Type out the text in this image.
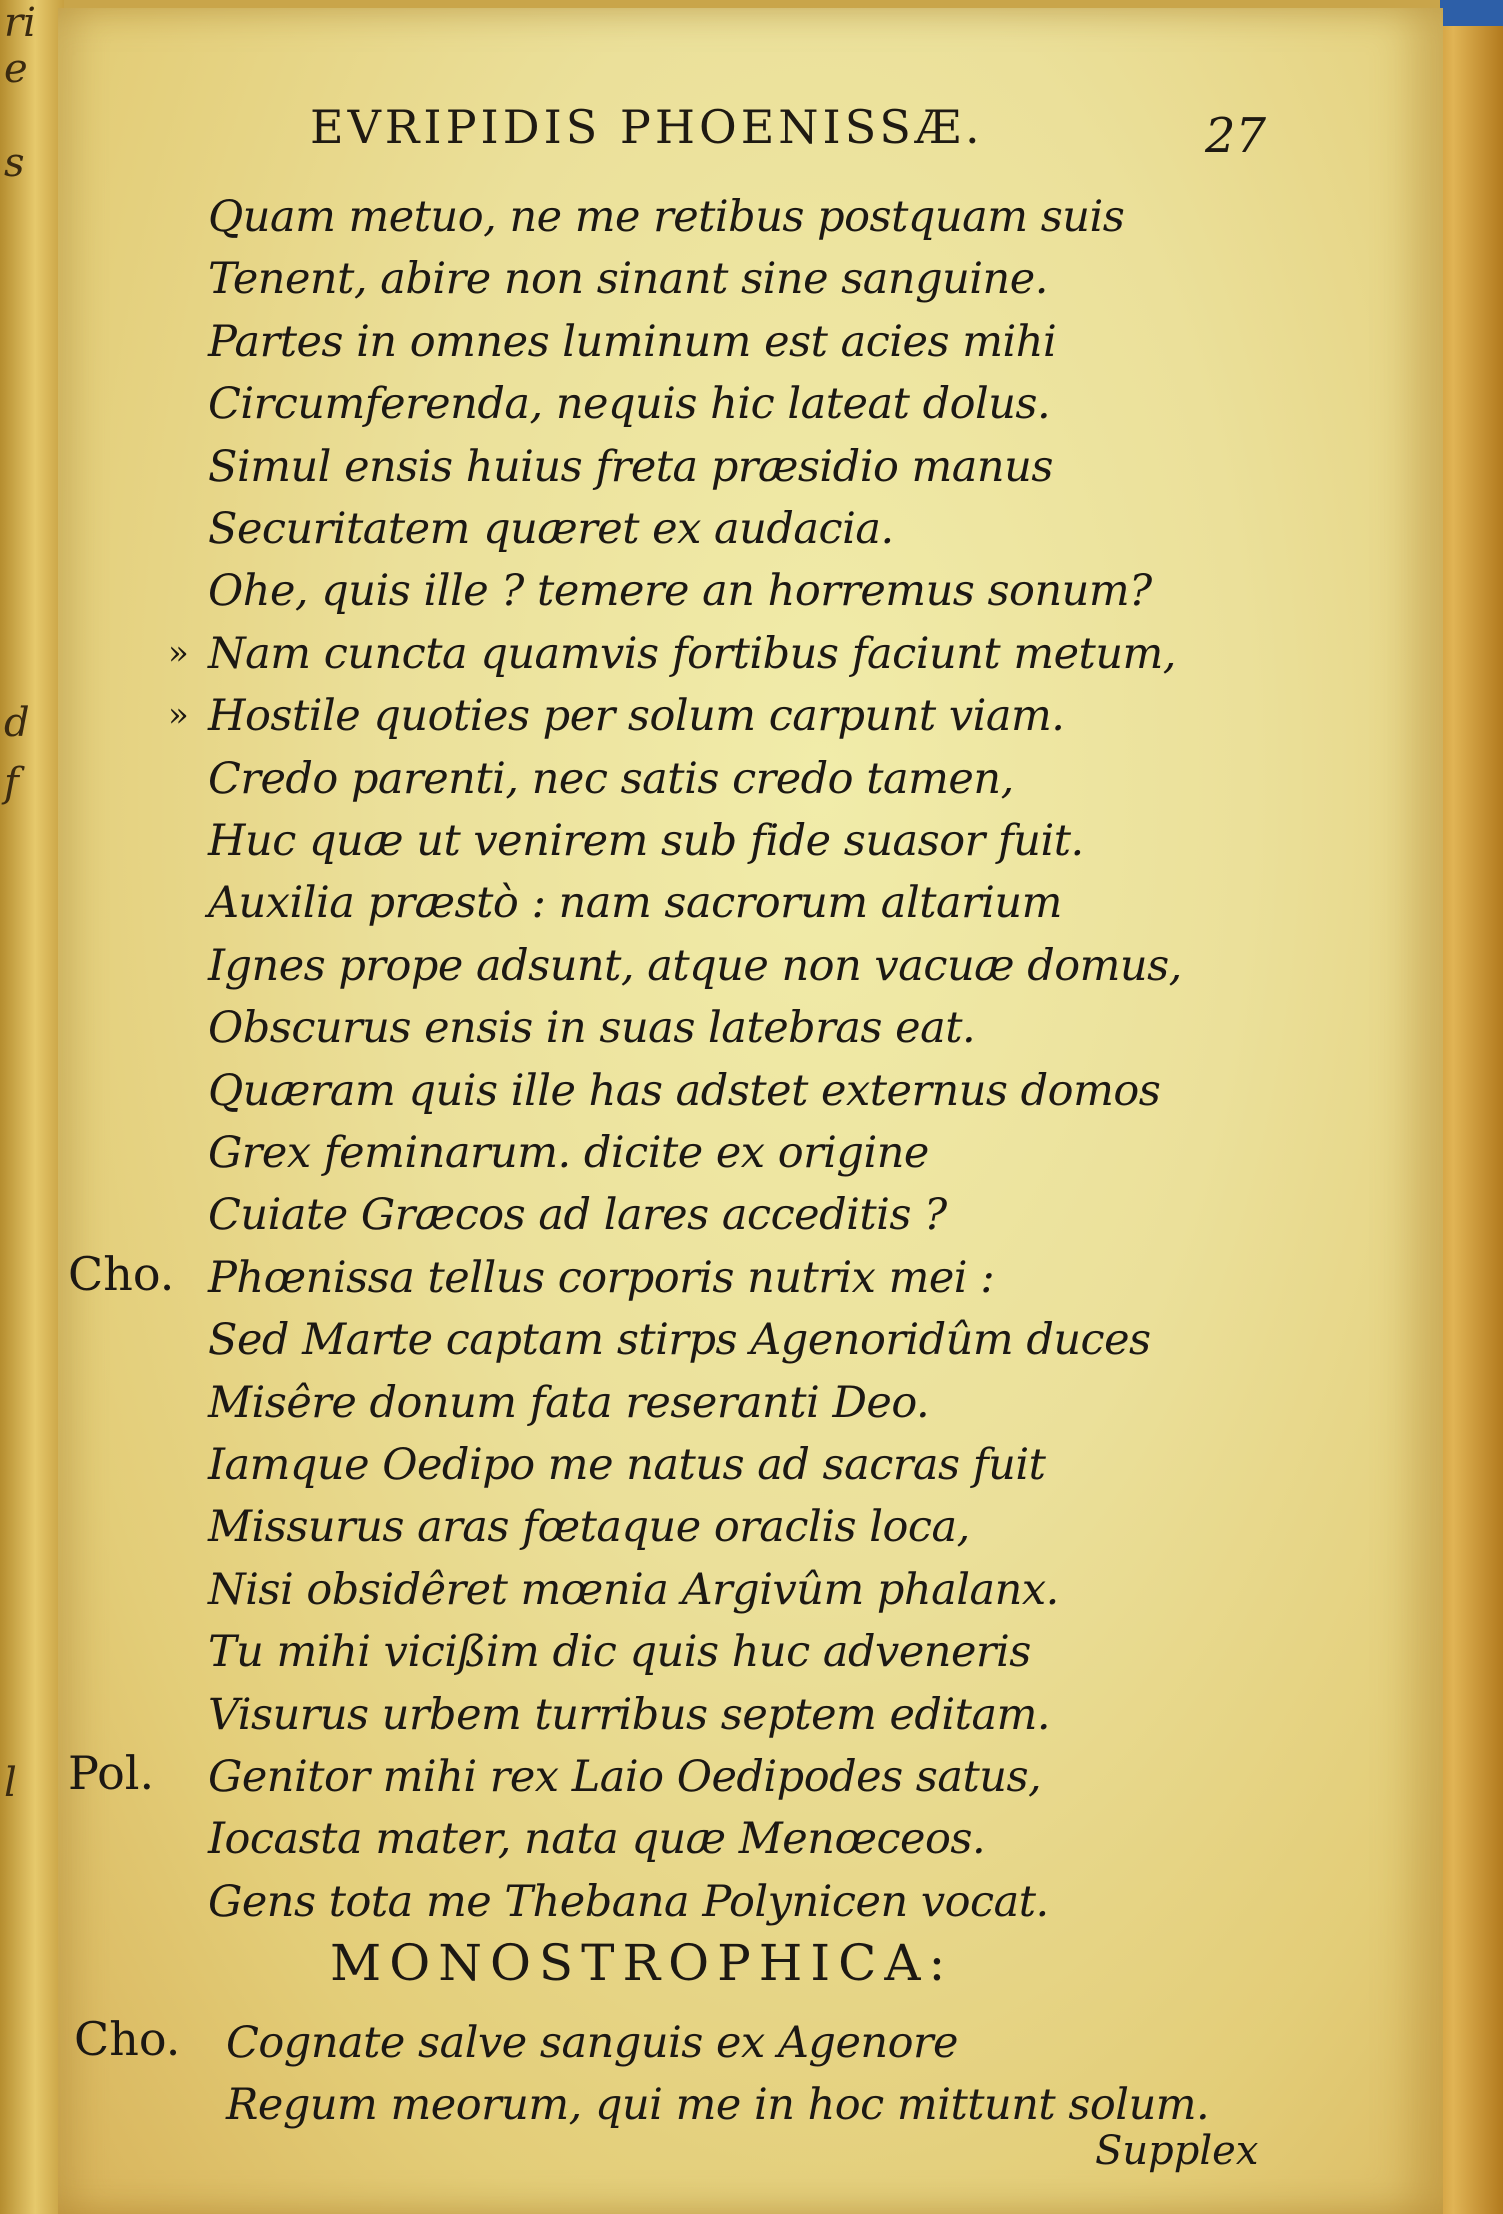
ri e
s
d
f
l
EVRIPIDIS PHOENISSÆ.	27
Quam metuo, ne me retibus postquam suis
Tenent, abire non sinant sine sanguine.
Partes in omnes luminum est acies mihi
Circumferenda, nequis hic lateat dolus.
Simul ensis huius freta præsidio manus
Securitatem quæret ex audacia.
Ohe, quis ille ? temere an horremus sonum?
Nam cuncta quamvis fortibus faciunt metum,
»
Hostile quoties per solum carpunt viam.
»
Credo parenti, nec satis credo tamen,
Huc quæ ut venirem sub fide suasor fuit.
Auxilia præstò : nam sacrorum altarium
Ignes prope adsunt, atque non vacuæ domus,
Obscurus ensis in suas latebras eat.
Quæram quis ille has adstet externus domos
Grex feminarum. dicite ex origine
Cuiate Græcos ad lares acceditis ?
Phœnissa tellus corporis nutrix mei :
Cho.
Sed Marte captam stirps Agenoridûm duces
Misêre donum fata reseranti Deo.
Iamque Oedipo me natus ad sacras fuit
Missurus aras fœtaque oraclis loca,
Nisi obsidêret mœnia Argivûm phalanx.
Tu mihi vicißim dic quis huc adveneris
Visurus urbem turribus septem editam.
Genitor mihi rex Laio Oedipodes satus,
Pol.
Iocasta mater, nata quæ Menœceos.
Gens tota me Thebana Polynicen vocat.
MONOSTROPHICA:
Cognate salve sanguis ex Agenore
Cho.
Regum meorum, qui me in hoc mittunt solum.
Supplex
